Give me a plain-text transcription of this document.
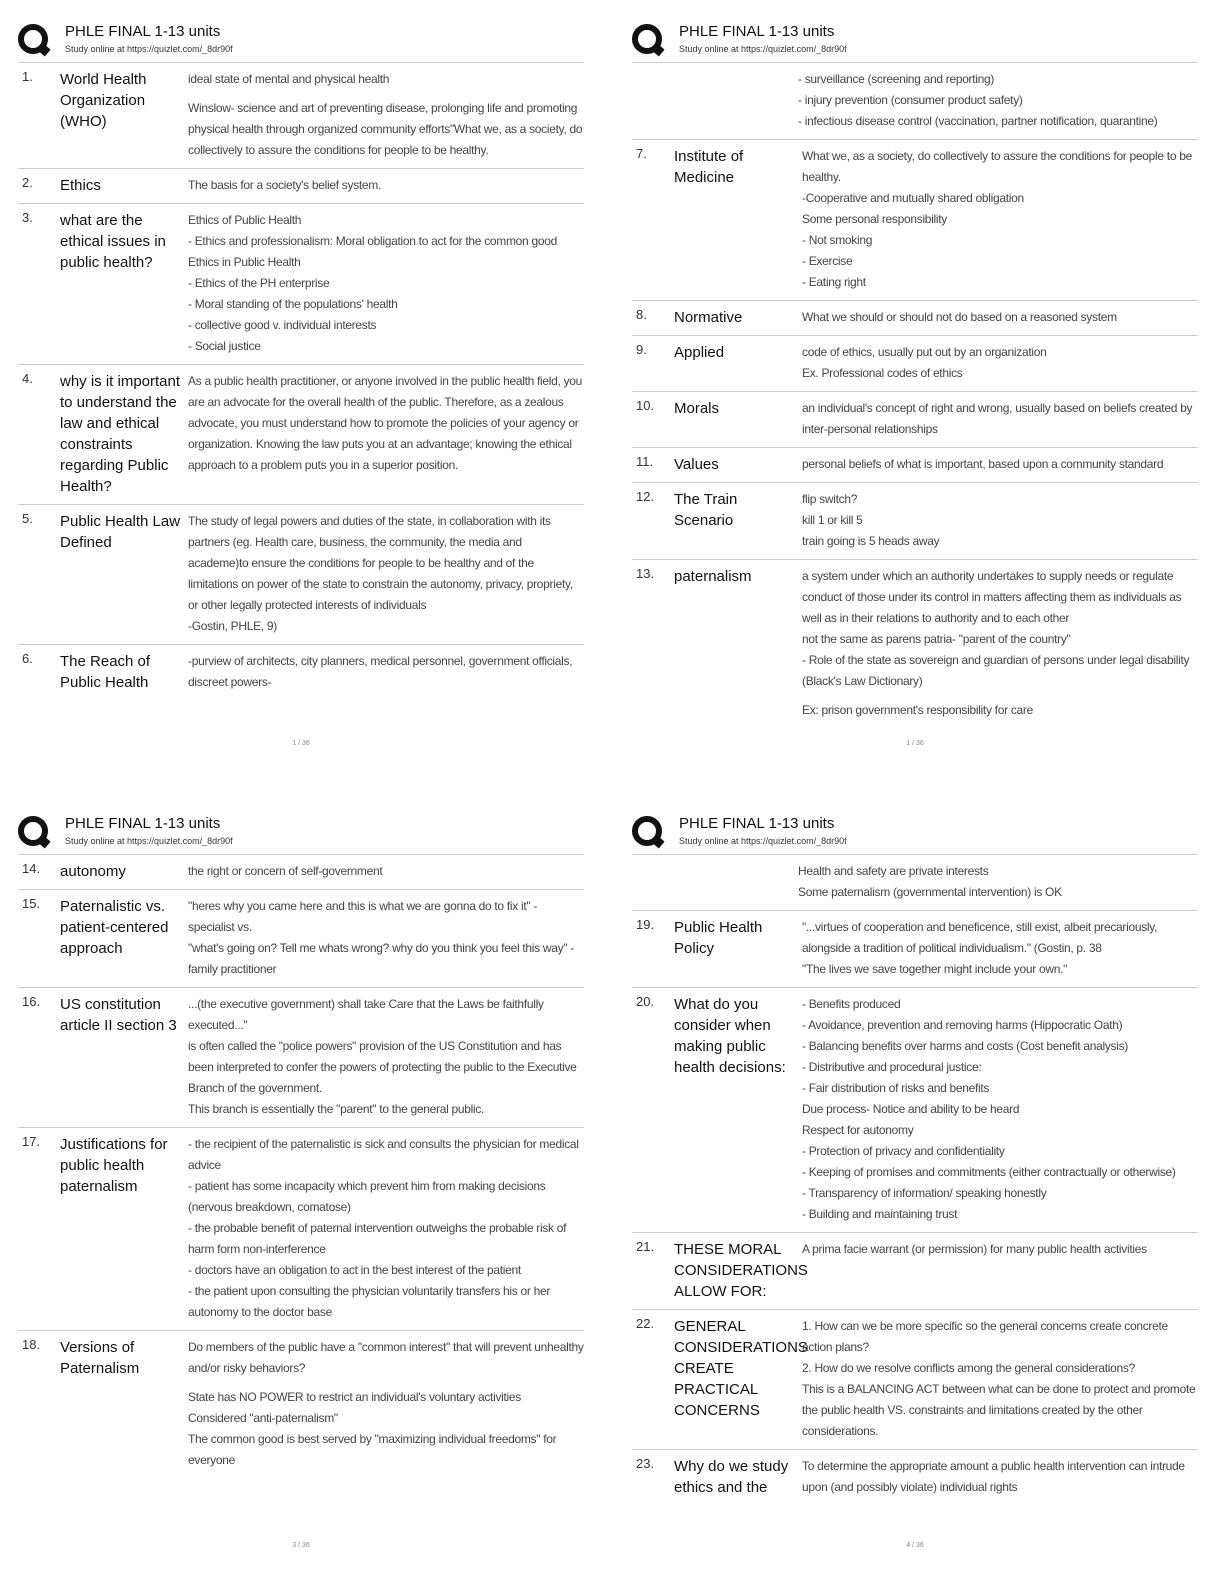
PHLE FINAL 1-13 units
Study online at https://quizlet.com/_8dr90f
1.	World Health Organization (WHO)
ideal state of mental and physical health
Winslow- science and art of preventing disease, prolonging life and promoting physical health through organized community efforts"What we, as a society, do collectively to assure the conditions for people to be healthy.
2.	Ethics	The basis for a society's belief system.
3.	what are the ethical issues in public health?
Ethics of Public Health
- Ethics and professionalism: Moral obligation to act for the common good
Ethics in Public Health
- Ethics of the PH enterprise
- Moral standing of the populations' health
- collective good v. individual interests
- Social justice
4.	why is it important to understand the law and ethical constraints regarding Public Health?
As a public health practitioner, or anyone involved in the public health field, you are an advocate for the overall health of the public. Therefore, as a zealous advocate, you must understand how to promote the policies of your agency or organization. Knowing the law puts you at an advantage; knowing the ethical approach to a problem puts you in a superior position.
5.	Public Health Law Defined
The study of legal powers and duties of the state, in collaboration with its partners (eg. Health care, business, the community, the media and academe)to ensure the conditions for people to be healthy and of the limitations on power of the state to constrain the autonomy, privacy, propriety, or other legally protected interests of individuals
-Gostin, PHLE, 9)
6.	The Reach of Public Health
-purview of architects, city planners, medical personnel, government officials, discreet powers-
1 / 36
PHLE FINAL 1-13 units
Study online at https://quizlet.com/_8dr90f
- surveillance (screening and reporting)
- injury prevention (consumer product safety)
- infectious disease control (vaccination, partner notification, quarantine)
7.	Institute of Medicine
What we, as a society, do collectively to assure the conditions for people to be healthy.
-Cooperative and mutually shared obligation
Some personal responsibility
- Not smoking
- Exercise
- Eating right
8.	Normative	What we should or should not do based on a reasoned system
9.	Applied	code of ethics, usually put out by an organization
Ex. Professional codes of ethics
10.	Morals	an individual's concept of right and wrong, usually based on beliefs created by inter-personal relationships
11.	Values	personal beliefs of what is important, based upon a community standard
12.	The Train Scenario
flip switch?
kill 1 or kill 5
train going is 5 heads away
13.	paternalism	a system under which an authority undertakes to supply needs or regulate conduct of those under its control in matters affecting them as individuals as well as in their relations to authority and to each other
not the same as parens patria- "parent of the country"
- Role of the state as sovereign and guardian of persons under legal disability (Black's Law Dictionary)
Ex: prison government's responsibility for care
1 / 36
PHLE FINAL 1-13 units
Study online at https://quizlet.com/_8dr90f
14.	autonomy	the right or concern of self-government
15.	Paternalistic vs. patient-centered approach
"heres why you came here and this is what we are gonna do to fix it" - specialist vs.
"what's going on? Tell me whats wrong? why do you think you feel this way" - family practitioner
16.	US constitution article II section 3
...(the executive government) shall take Care that the Laws be faithfully executed..."
is often called the "police powers" provision of the US Constitution and has been interpreted to confer the powers of protecting the public to the Executive Branch of the government.
This branch is essentially the "parent" to the general public.
17.	Justifications for public health paternalism
- the recipient of the paternalistic is sick and consults the physician for medical advice
- patient has some incapacity which prevent him from making decisions (nervous breakdown, comatose)
- the probable benefit of paternal intervention outweighs the probable risk of harm form non-interference
- doctors have an obligation to act in the best interest of the patient
- the patient upon consulting the physician voluntarily transfers his or her autonomy to the doctor base
18.	Versions of Paternalism
Do members of the public have a "common interest" that will prevent unhealthy and/or risky behaviors?
State has NO POWER to restrict an individual's voluntary activities
Considered "anti-paternalism"
The common good is best served by "maximizing individual freedoms" for everyone
3 / 36
PHLE FINAL 1-13 units
Study online at https://quizlet.com/_8dr90f
Health and safety are private interests
Some paternalism (governmental intervention) is OK
19.	Public Health Policy
"...virtues of cooperation and beneficence, still exist, albeit precariously, alongside a tradition of political individualism." (Gostin, p. 38
"The lives we save together might include your own."
20.	What do you consider when making public health decisions:
- Benefits produced
- Avoidance, prevention and removing harms (Hippocratic Oath)
- Balancing benefits over harms and costs (Cost benefit analysis)
- Distributive and procedural justice:
- Fair distribution of risks and benefits
Due process- Notice and ability to be heard
Respect for autonomy
- Protection of privacy and confidentiality
- Keeping of promises and commitments (either contractually or otherwise)
- Transparency of information/ speaking honestly
- Building and maintaining trust
21.	THESE MORAL CONSIDERATIONS ALLOW FOR:
A prima facie warrant (or permission) for many public health activities
22.	GENERAL CONSIDERATIONS CREATE PRACTICAL CONCERNS
1. How can we be more specific so the general concerns create concrete action plans?
2. How do we resolve conflicts among the general considerations?
This is a BALANCING ACT between what can be done to protect and promote the public health VS. constraints and limitations created by the other considerations.
23.	Why do we study ethics and the
To determine the appropriate amount a public health intervention can intrude upon (and possibly violate) individual rights
4 / 36
